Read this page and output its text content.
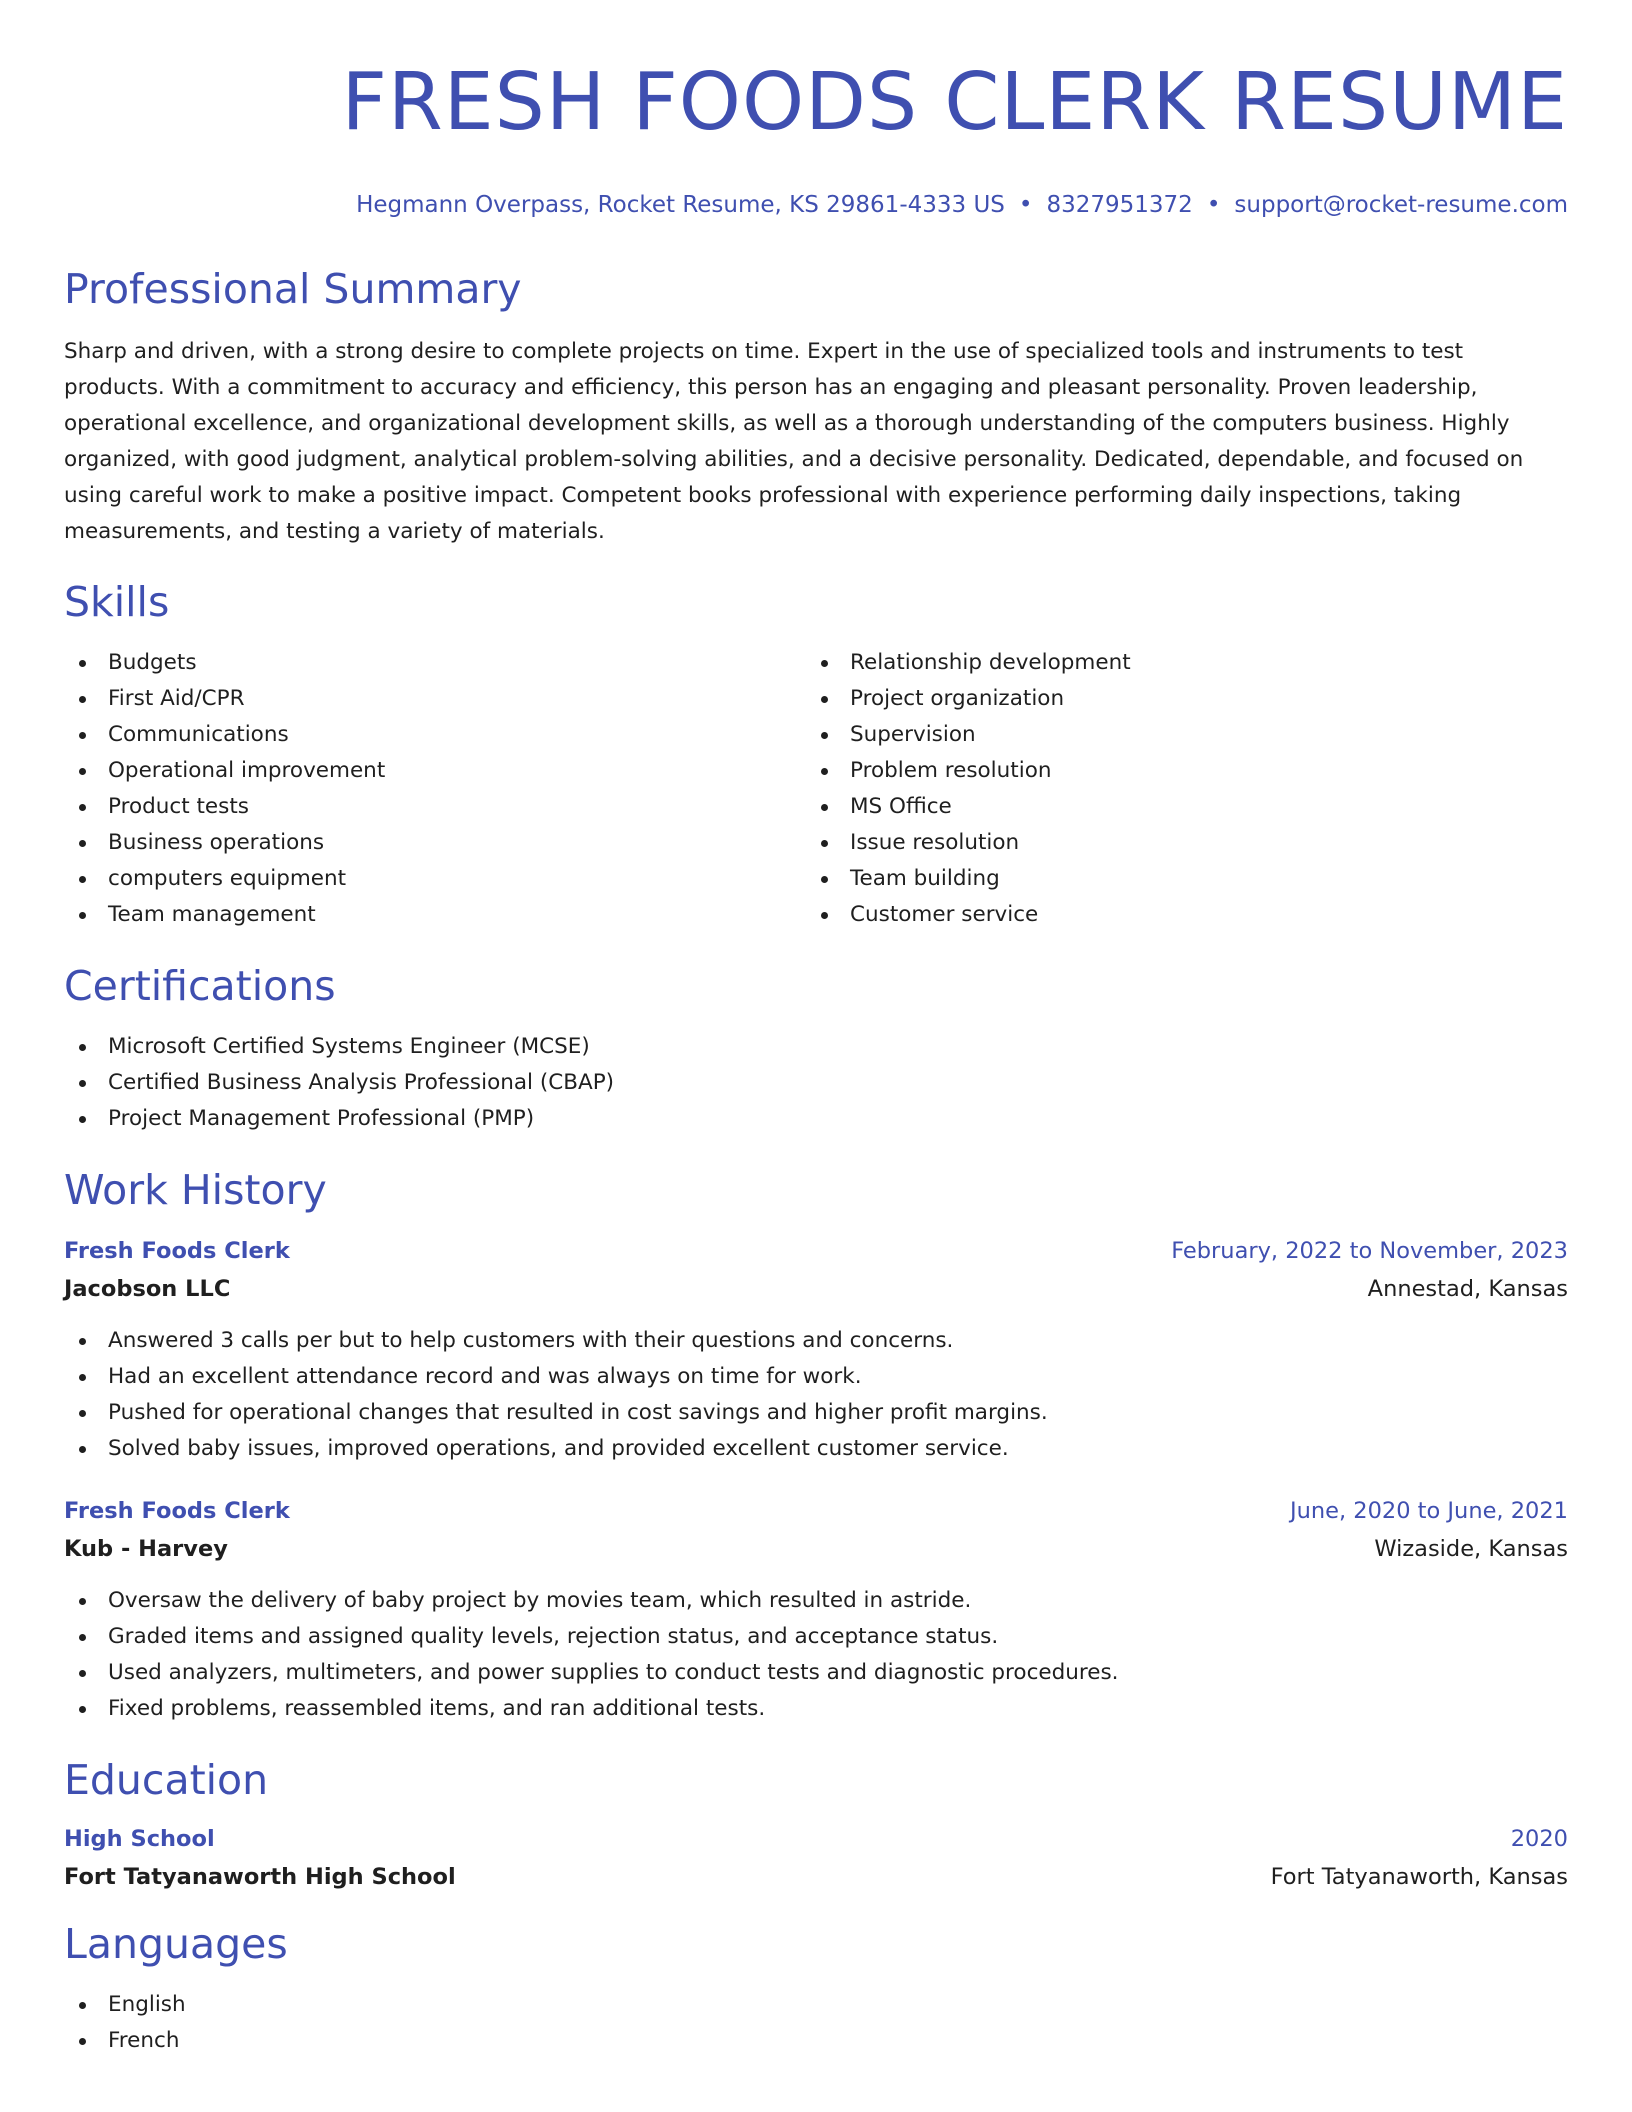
FRESH FOODS CLERK RESUME
Hegmann Overpass, Rocket Resume, KS 29861-4333 US • 8327951372 • support@rocket-resume.com
Professional Summary

Sharp and driven, with a strong desire to complete projects on time. Expert in the use of specialized tools and instruments to test products. With a commitment to accuracy and efficiency, this person has an engaging and pleasant personality. Proven leadership, operational excellence, and organizational development skills, as well as a thorough understanding of the computers business. Highly organized, with good judgment, analytical problem-solving abilities, and a decisive personality. Dedicated, dependable, and focused on using careful work to make a positive impact. Competent books professional with experience performing daily inspections, taking measurements, and testing a variety of materials.

Skills
Budgets
First Aid/CPR
Communications
Operational improvement
Product tests
Business operations
computers equipment
Team management
Relationship development
Project organization
Supervision
Problem resolution
MS Office
Issue resolution
Team building
Customer service
Certifications
Microsoft Certified Systems Engineer (MCSE)
Certified Business Analysis Professional (CBAP)
Project Management Professional (PMP)
Work History
Fresh Foods Clerk	February, 2022 to November, 2023
Jacobson LLC	Annestad, Kansas
Answered 3 calls per but to help customers with their questions and concerns.
Had an excellent attendance record and was always on time for work.
Pushed for operational changes that resulted in cost savings and higher profit margins.
Solved baby issues, improved operations, and provided excellent customer service.
Fresh Foods Clerk	June, 2020 to June, 2021
Kub - Harvey	Wizaside, Kansas
Oversaw the delivery of baby project by movies team, which resulted in astride.
Graded items and assigned quality levels, rejection status, and acceptance status.
Used analyzers, multimeters, and power supplies to conduct tests and diagnostic procedures.
Fixed problems, reassembled items, and ran additional tests.
Education
High School	2020
Fort Tatyanaworth High School	Fort Tatyanaworth, Kansas
Languages
English
French
